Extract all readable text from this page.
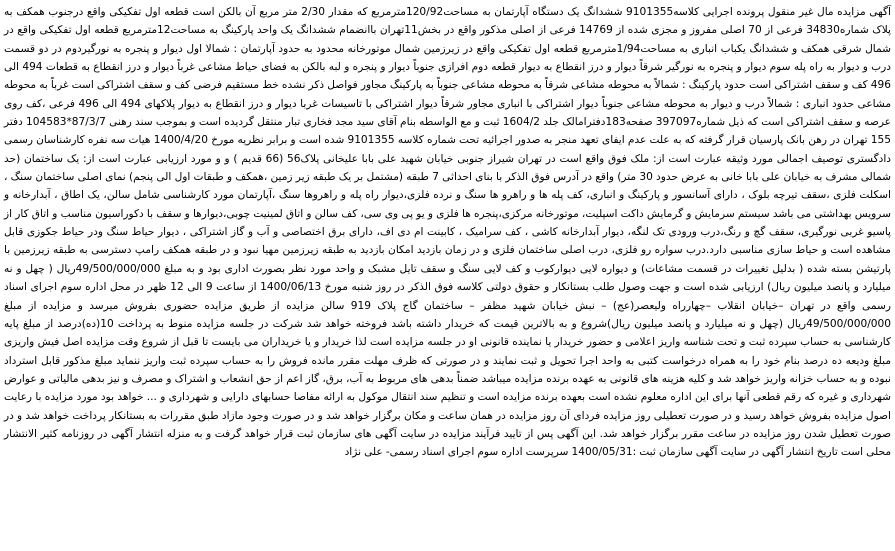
آگهی مزایده مال غیر منقول پرونده اجرایی کلاسه9101355 ششدانگ یک دستگاه آپارتمان به مساحت120/92مترمربع که مقدار 2/30 متر مربع آن بالکن است قطعه اول تفکیکی واقع درجنوب همکف به پلاک شماره34830 فرعی از 70 اصلی مفروز و مجزی شده از 14769 فرعی از اصلی مذکور واقع در بخش11تهران باانضمام ششدانگ یک واحد پارکینگ به مساحت12مترمربع قطعه اول تفکیکی واقع در شمال شرقی همکف و ششدانگ یکباب انباری به مساحت1/94مترمربع قطعه اول تفکیکی واقع در زیرزمین شمال موتورخانه محدود به حدود آپارتمان : شمالا اول دیوار و پنجره به نورگیردوم در دو قسمت درب و دیوار به راه پله سوم دیوار و پنجره به نورگیر شرقاً دیوار و درز انقطاع به دیوار قطعه دوم افرازی جنوباً دیوار و پنجره و لبه بالکن به فضای حیاط مشاعی غرباً دیوار و درز انقطاع به قطعات 494 الی 496 کف و سقف اشتراکی است حدود پارکینگ : شمالاً به محوطه مشاعی شرقاً به محوطه مشاعی جنوباً به پارکینگ مجاور فواصل ذکر نشده خط مستقیم فرضی کف و سقف اشتراکی است غرباً به محوطه مشاعی حدود انباری : شمالاً درب و دیوار به محوطه مشاعی جنوباً دیوار اشتراکی با انباری مجاور شرقاً دیوار اشتراکی با تاسیسات غربا دیوار و درز انقطاع به دیوار پلاکهای 494 الی 496 فرعی ،کف روی عرصه و سقف اشتراکی است که ذیل شماره397097 صفحه183دفترامالک جلد 1604/2 ثبت و مع الواسطه بنام آقای سید مجد فخاری تبار منتقل گردیده است و بموجب سند رهنی 87/3/7*104583 دفتر 155 تهران در رهن بانک پارسیان قرار گرفته که به علت عدم ایفای تعهد منجر به صدور اجرائیه تحت شماره کلاسه 9101355 شده است و برابر نظریه مورخ 1400/4/20 هیات سه نفره کارشناسان رسمی دادگستری توصیف اجمالی مورد وثیقه عبارت است از: ملک فوق واقع است در تهران شیراز جنوبی خیابان شهید علی بابا علیخانی پلاک56 (66 قدیم ) و و مورد ارزیابی عبارت است از: یک ساختمان (حد شمالی مشرف به خیابان علی بابا خانی به عرض حدود 30 متر) واقع در آدرس فوق الذکر با بنای احداثی 7 طبقه (مشتمل بر یک طبقه زیر زمین ،همکف و طبقات اول الی پنجم) نمای اصلی ساختمان سنگ ، اسکلت فلزی ،سقف تیرچه بلوک ، دارای آسانسور و پارکینگ و انباری، کف پله ها و راهرو ها سنگ و نرده فلزی،دیوار راه پله و راهروها سنگ ،آپارتمان مورد کارشناسی شامل سالن، یک اطاق ، آبدارخانه و سرویس بهداشتی می باشد سیستم سرمایش و گرمایش داکت اسپلیت، موتورخانه مرکزی،پنجره ها فلزی و یو پی وی سی، کف سالن و اتاق لمینیت چوبی،دیوارها و سقف با دکوراسیون مناسب و اتاق کار از پاسیو غربی نورگیری، سقف گچ و رنگ،درب ورودی تک لنگه، دیوار آبدارخانه کاشی ، کف سرامیک ، کابینت ام دی اف، دارای برق اختصاصی و آب و گاز اشتراکی ، دیوار حیاط سنگ ودر حیاط جکوزی قابل مشاهده است و حیاط سازی مناسبی دارد.درب سواره رو فلزی، درب اصلی ساختمان فلزی و در زمان بازدید امکان بازدید به طبقه زیرزمین مهیا نبود و در طبقه همکف رامپ دسترسی به طبقه زیرزمین با پارتیشن بسته شده ( بدلیل تغییرات در قسمت مشاعات) و دیواره لایی دیوارکوب و کف لایی سنگ و سقف تایل مشبک و واحد مورد نظر بصورت اداری بود و به مبلغ 49/500/000/000ریال ( چهل و نه میلیارد و پانصد میلیون ریال) ارزیابی شده است و جهت وصول طلب بستانکار و حقوق دولتی کلاسه فوق الذکر در روز شنبه مورخ 1400/06/13 از ساعت 9 الی 12 ظهر در محل اداره سوم اجرای اسناد رسمی واقع در تهران –خیابان انقلاب –چهارراه ولیعصر(عج) – نبش خیابان شهید مظفر – ساختمان گاج پلاک 919 سالن مزایده از طریق مزایده حضوری بفروش میرسد و مزایده از مبلغ 49/500/000/000ریال (چهل و نه میلیارد و پانصد میلیون ریال)شروع و به بالاترین قیمت که خریدار داشته باشد فروخته خواهد شد شرکت در جلسه مزایده منوط به پرداخت 10(ده)درصد از مبلغ پایه کارشناسی به حساب سپرده ثبت و تحت شناسه واریز اعلامی و حضور خریدار یا نماینده قانونی او در جلسه مزایده است لذا خریدار و یا خریداران می بایست تا قبل از شروع وقت مزایده اصل فیش واریزی مبلغ ودیعه ده درصد بنام خود را به همراه درخواست کتبی به واحد اجرا تحویل و ثبت نمایند و در صورتی که ظرف مهلت مقرر مانده فروش را به حساب سپرده ثبت واریز ننماید مبلغ مذکور قابل استرداد نبوده و به حساب خزانه واریز خواهد شد و کلیه هزینه های قانونی به عهده برنده مزایده میباشد ضمناً بدهی های مربوط به آب، برق، گاز اعم از حق انشعاب و اشتراک و مصرف و نیز بدهی مالیاتی و عوارض شهرداری و غیره که رقم قطعی آنها برای این اداره معلوم نشده است بعهده برنده مزایده است و تنظیم سند انتقال موکول به ارائه مفاصا حسابهای دارایی و شهرداری و ... خواهد بود مورد مزایده با رعایت اصول مزایده بفروش خواهد رسید و در صورت تعطیلی روز مزایده فردای آن روز مزایده در همان ساعت و مکان برگزار خواهد شد و در صورت وجود مازاد طبق مقررات به بستانکار پرداخت خواهد شد و در صورت تعطیل شدن روز مزایده در ساعت مقرر برگزار خواهد شد. این آگهی پس از تایید فرآیند مزایده در سایت آگهی های سازمان ثبت قرار خواهد گرفت و به منزله انتشار آگهی در روزنامه کثیر الانتشار محلی است تاریخ انتشار آگهی در سایت آگهی سازمان ثبت :1400/05/31 سرپرست اداره سوم اجرای اسناد رسمی- علی نژاد
